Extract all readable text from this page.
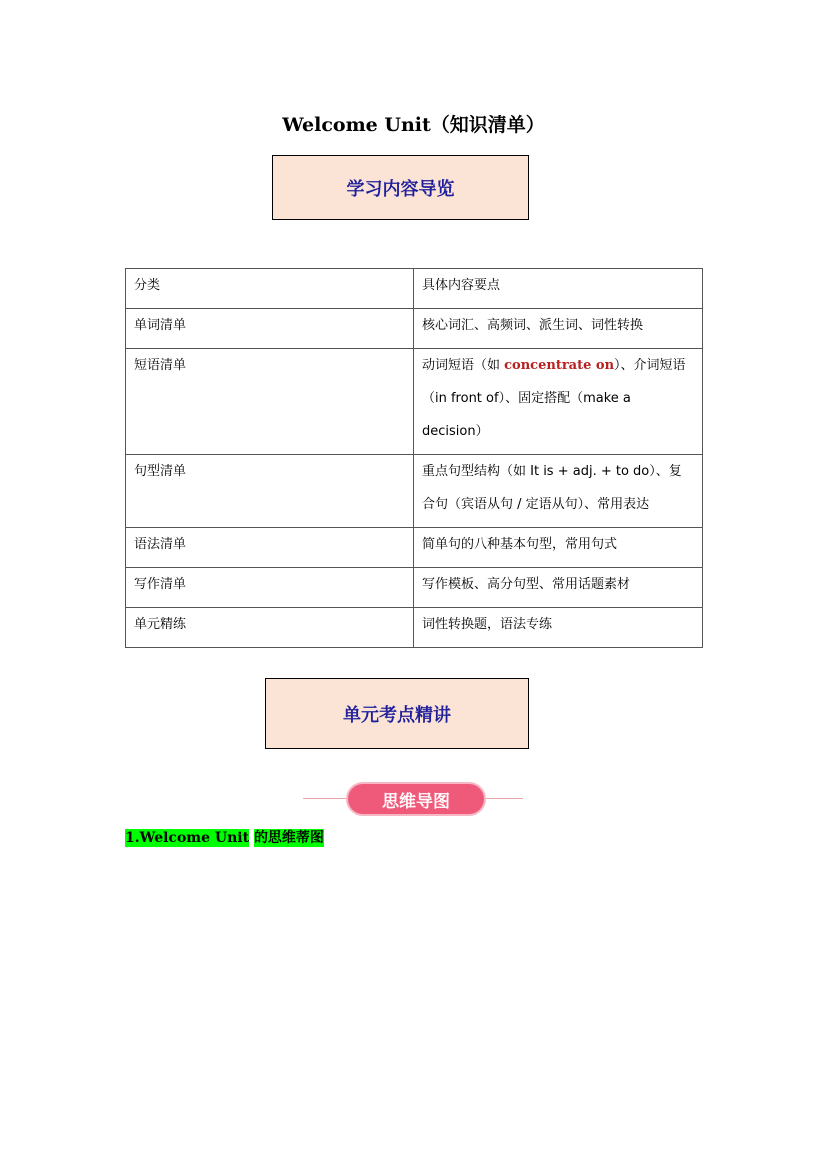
Welcome Unit（知识清单）
学习内容导览
分类	具体内容要点
单词清单	核心词汇、高频词、派生词、词性转换
短语清单	动词短语（如 concentrate on）、介词短语（in front of）、固定搭配（make a decision）
句型清单	重点句型结构（如 It is + adj. + to do）、复合句（宾语从句 / 定语从句）、常用表达
语法清单	简单句的八种基本句型，常用句式
写作清单	写作模板、高分句型、常用话题素材
单元精练	词性转换题，语法专练
单元考点精讲
思维导图
1.Welcome Unit 的思维蒂图
